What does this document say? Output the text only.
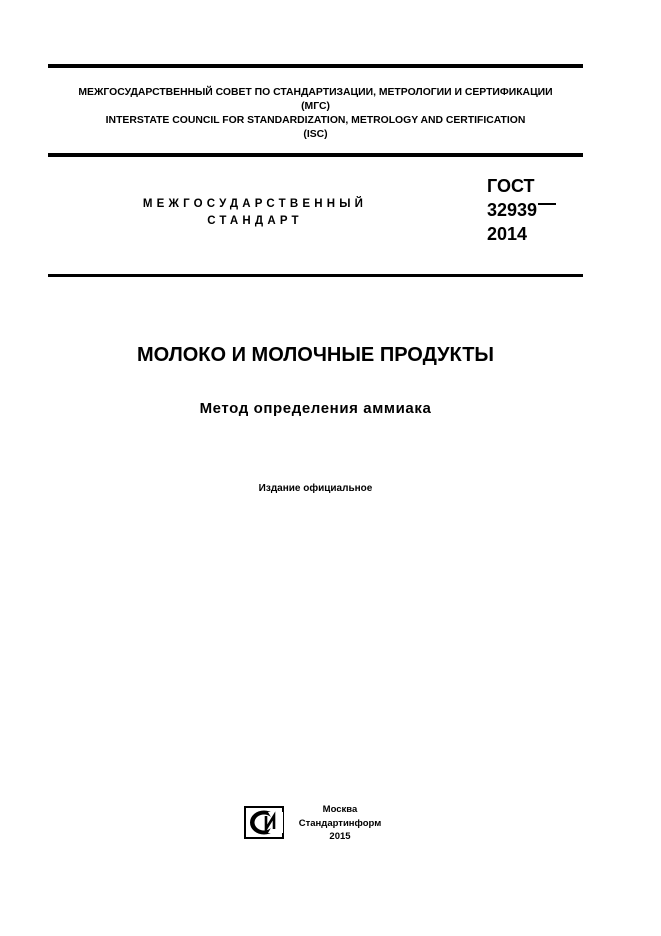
МЕЖГОСУДАРСТВЕННЫЙ СОВЕТ ПО СТАНДАРТИЗАЦИИ, МЕТРОЛОГИИ И СЕРТИФИКАЦИИ
(МГС)
INTERSTATE COUNCIL FOR STANDARDIZATION, METROLOGY AND CERTIFICATION
(ISC)
МЕЖГОСУДАРСТВЕННЫЙ
СТАНДАРТ
ГОСТ
32939
2014
МОЛОКО И МОЛОЧНЫЕ ПРОДУКТЫ
Метод определения аммиака
Издание официальное
Москва
Стандартинформ
2015
